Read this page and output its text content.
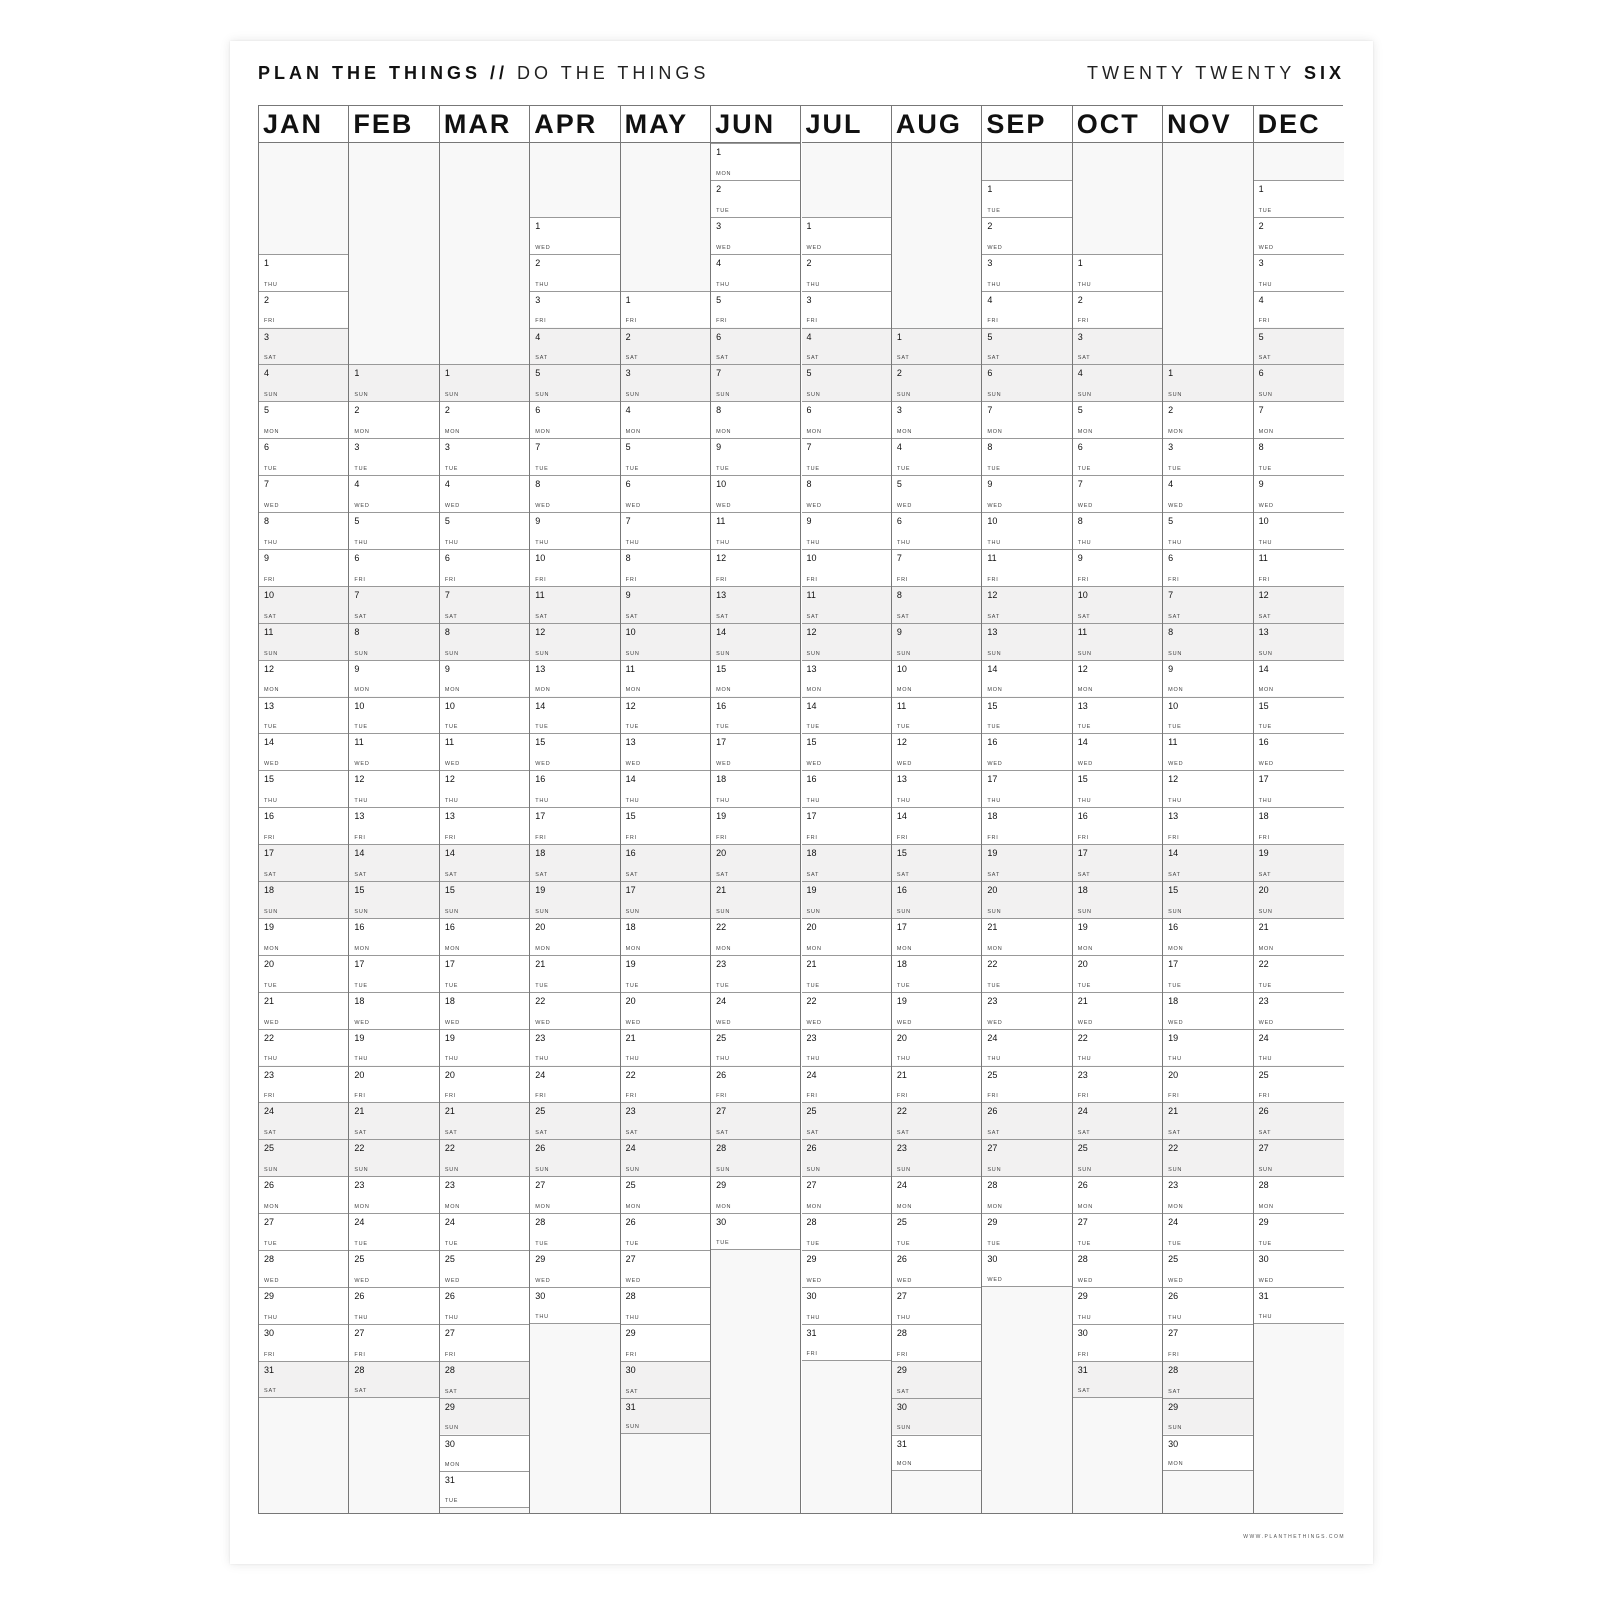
PLAN THE THINGS // DO THE THINGS	TWENTY TWENTY SIX
JAN
1
THU
2
FRI
3
SAT
4
SUN
5
MON
6
TUE
7
WED
8
THU
9
FRI
10
SAT
11
SUN
12
MON
13
TUE
14
WED
15
THU
16
FRI
17
SAT
18
SUN
19
MON
20
TUE
21
WED
22
THU
23
FRI
24
SAT
25
SUN
26
MON
27
TUE
28
WED
29
THU
30
FRI
31
SAT
FEB
1
SUN
2
MON
3
TUE
4
WED
5
THU
6
FRI
7
SAT
8
SUN
9
MON
10
TUE
11
WED
12
THU
13
FRI
14
SAT
15
SUN
16
MON
17
TUE
18
WED
19
THU
20
FRI
21
SAT
22
SUN
23
MON
24
TUE
25
WED
26
THU
27
FRI
28
SAT
MAR
1
SUN
2
MON
3
TUE
4
WED
5
THU
6
FRI
7
SAT
8
SUN
9
MON
10
TUE
11
WED
12
THU
13
FRI
14
SAT
15
SUN
16
MON
17
TUE
18
WED
19
THU
20
FRI
21
SAT
22
SUN
23
MON
24
TUE
25
WED
26
THU
27
FRI
28
SAT
29
SUN
30
MON
31
TUE
APR
1
WED
2
THU
3
FRI
4
SAT
5
SUN
6
MON
7
TUE
8
WED
9
THU
10
FRI
11
SAT
12
SUN
13
MON
14
TUE
15
WED
16
THU
17
FRI
18
SAT
19
SUN
20
MON
21
TUE
22
WED
23
THU
24
FRI
25
SAT
26
SUN
27
MON
28
TUE
29
WED
30
THU
MAY
1
FRI
2
SAT
3
SUN
4
MON
5
TUE
6
WED
7
THU
8
FRI
9
SAT
10
SUN
11
MON
12
TUE
13
WED
14
THU
15
FRI
16
SAT
17
SUN
18
MON
19
TUE
20
WED
21
THU
22
FRI
23
SAT
24
SUN
25
MON
26
TUE
27
WED
28
THU
29
FRI
30
SAT
31
SUN
JUN
1
MON
2
TUE
3
WED
4
THU
5
FRI
6
SAT
7
SUN
8
MON
9
TUE
10
WED
11
THU
12
FRI
13
SAT
14
SUN
15
MON
16
TUE
17
WED
18
THU
19
FRI
20
SAT
21
SUN
22
MON
23
TUE
24
WED
25
THU
26
FRI
27
SAT
28
SUN
29
MON
30
TUE
JUL
1
WED
2
THU
3
FRI
4
SAT
5
SUN
6
MON
7
TUE
8
WED
9
THU
10
FRI
11
SAT
12
SUN
13
MON
14
TUE
15
WED
16
THU
17
FRI
18
SAT
19
SUN
20
MON
21
TUE
22
WED
23
THU
24
FRI
25
SAT
26
SUN
27
MON
28
TUE
29
WED
30
THU
31
FRI
AUG
1
SAT
2
SUN
3
MON
4
TUE
5
WED
6
THU
7
FRI
8
SAT
9
SUN
10
MON
11
TUE
12
WED
13
THU
14
FRI
15
SAT
16
SUN
17
MON
18
TUE
19
WED
20
THU
21
FRI
22
SAT
23
SUN
24
MON
25
TUE
26
WED
27
THU
28
FRI
29
SAT
30
SUN
31
MON
SEP
1
TUE
2
WED
3
THU
4
FRI
5
SAT
6
SUN
7
MON
8
TUE
9
WED
10
THU
11
FRI
12
SAT
13
SUN
14
MON
15
TUE
16
WED
17
THU
18
FRI
19
SAT
20
SUN
21
MON
22
TUE
23
WED
24
THU
25
FRI
26
SAT
27
SUN
28
MON
29
TUE
30
WED
OCT
1
THU
2
FRI
3
SAT
4
SUN
5
MON
6
TUE
7
WED
8
THU
9
FRI
10
SAT
11
SUN
12
MON
13
TUE
14
WED
15
THU
16
FRI
17
SAT
18
SUN
19
MON
20
TUE
21
WED
22
THU
23
FRI
24
SAT
25
SUN
26
MON
27
TUE
28
WED
29
THU
30
FRI
31
SAT
NOV
1
SUN
2
MON
3
TUE
4
WED
5
THU
6
FRI
7
SAT
8
SUN
9
MON
10
TUE
11
WED
12
THU
13
FRI
14
SAT
15
SUN
16
MON
17
TUE
18
WED
19
THU
20
FRI
21
SAT
22
SUN
23
MON
24
TUE
25
WED
26
THU
27
FRI
28
SAT
29
SUN
30
MON
DEC
1
TUE
2
WED
3
THU
4
FRI
5
SAT
6
SUN
7
MON
8
TUE
9
WED
10
THU
11
FRI
12
SAT
13
SUN
14
MON
15
TUE
16
WED
17
THU
18
FRI
19
SAT
20
SUN
21
MON
22
TUE
23
WED
24
THU
25
FRI
26
SAT
27
SUN
28
MON
29
TUE
30
WED
31
THU
WWW.PLANTHETHINGS.COM
